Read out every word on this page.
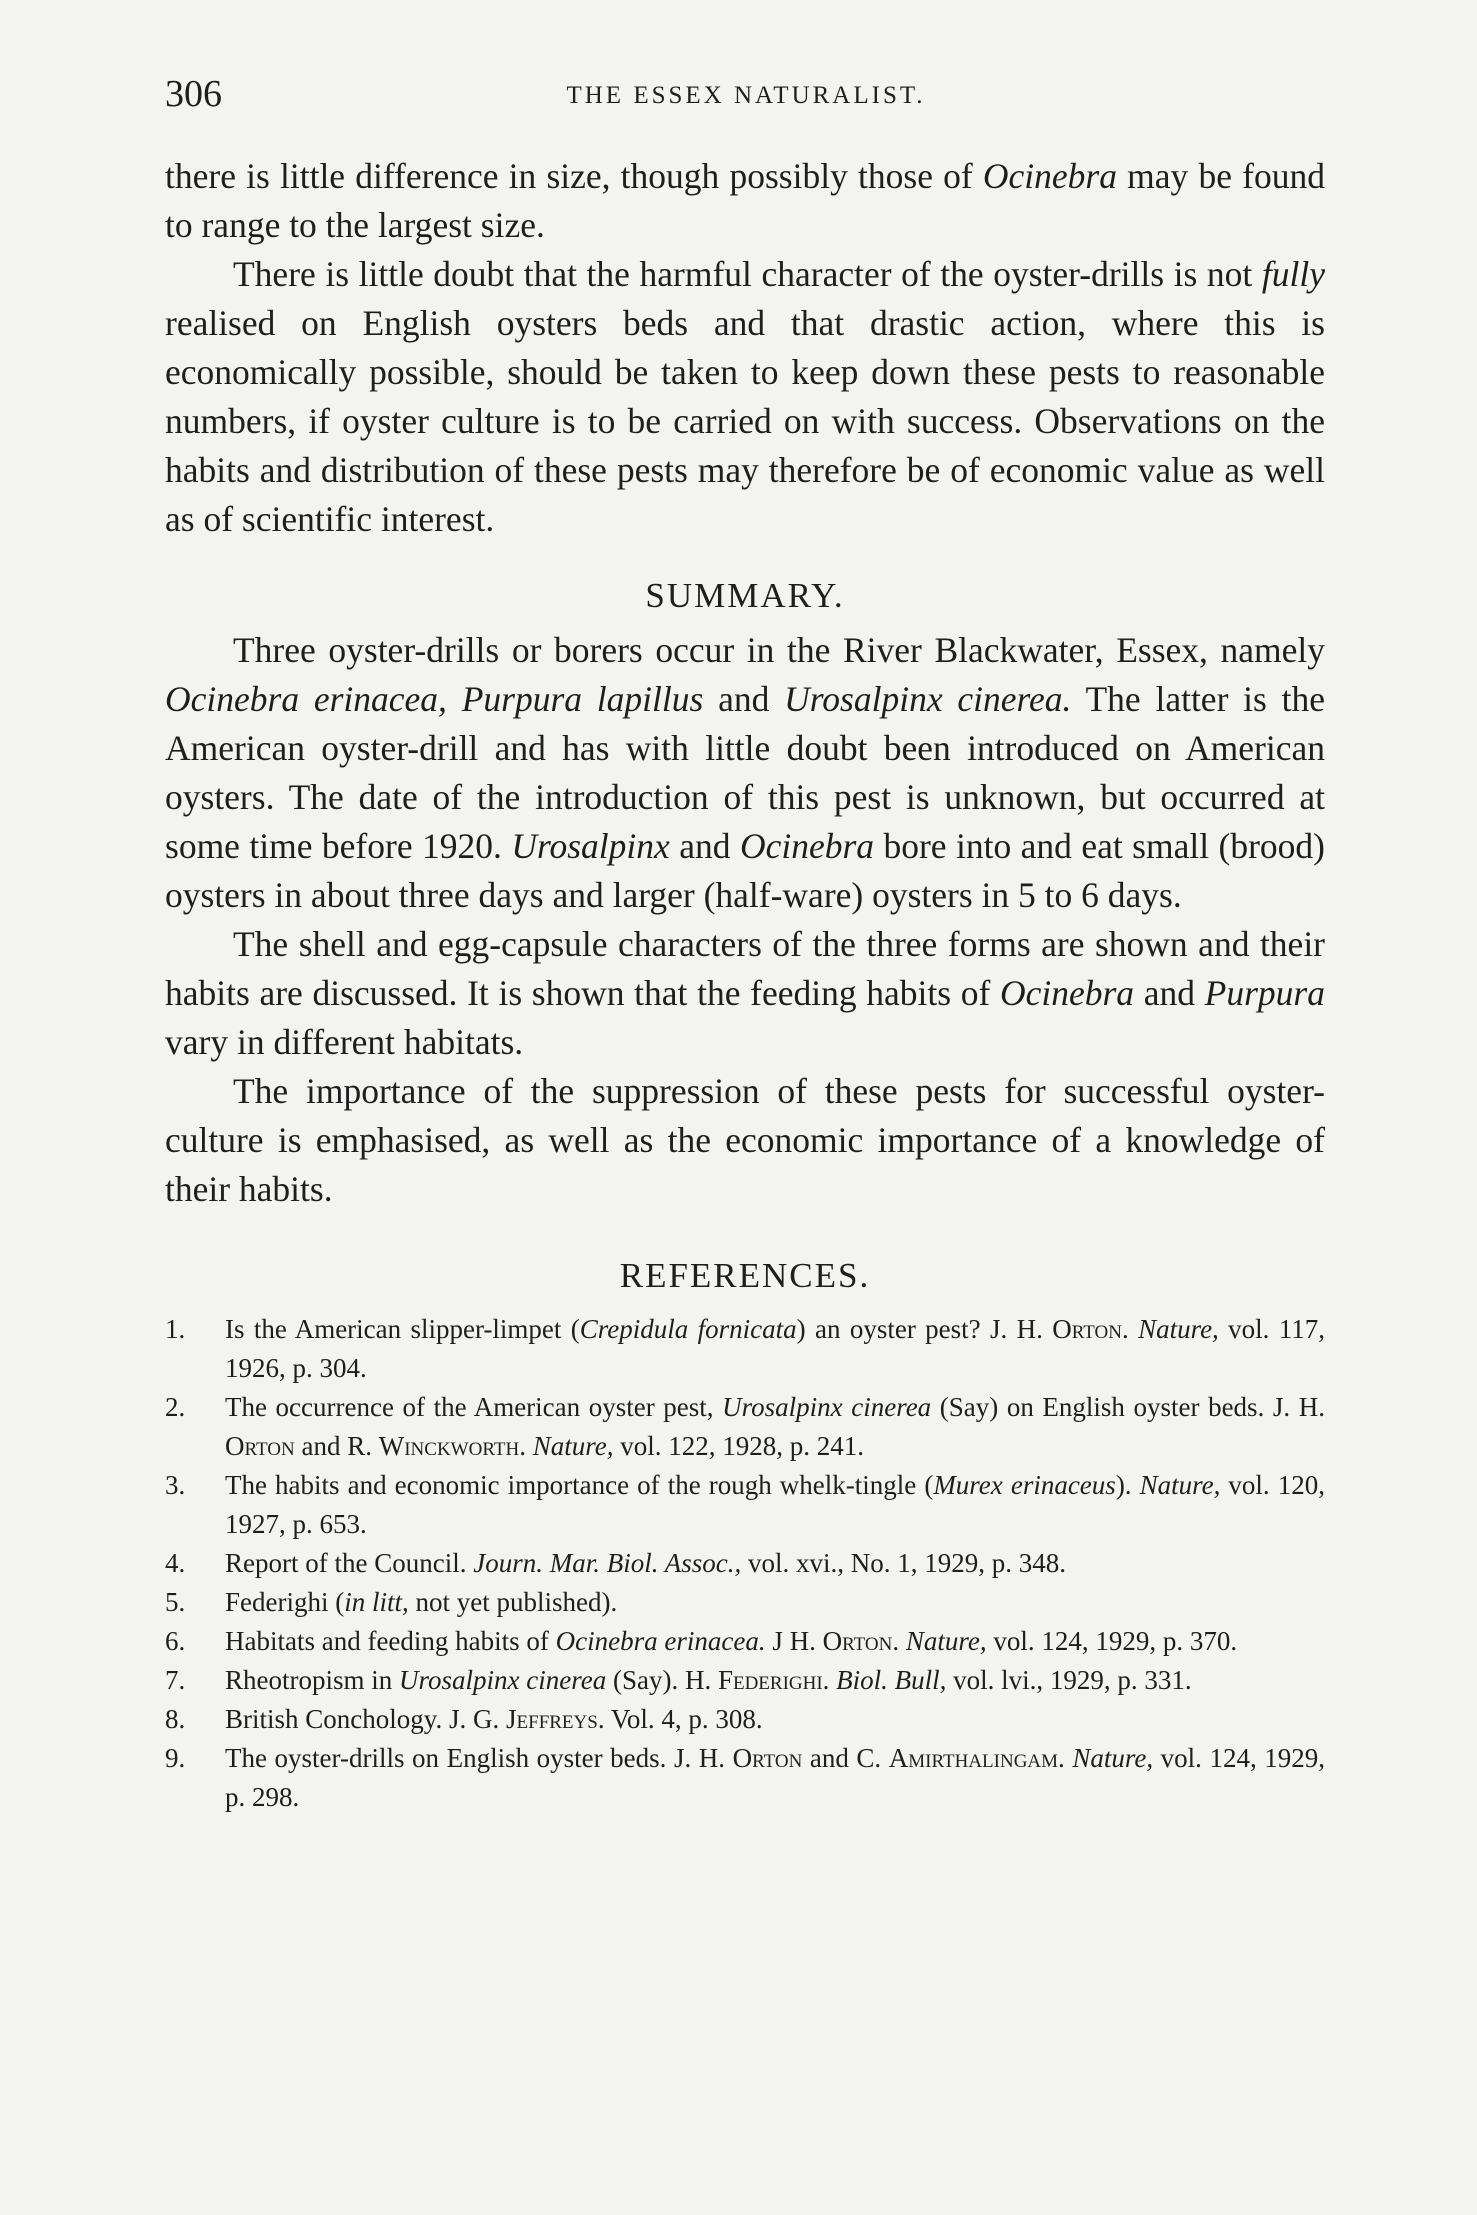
306	THE ESSEX NATURALIST.

there is little difference in size, though possibly those of Ocinebra may be found to range to the largest size.

There is little doubt that the harmful character of the oyster-drills is not fully realised on English oysters beds and that drastic action, where this is economically possible, should be taken to keep down these pests to reasonable numbers, if oyster culture is to be carried on with success. Observations on the habits and distribution of these pests may therefore be of economic value as well as of scientific interest.

SUMMARY.

Three oyster-drills or borers occur in the River Blackwater, Essex, namely Ocinebra erinacea, Purpura lapillus and Urosalpinx cinerea. The latter is the American oyster-drill and has with little doubt been introduced on American oysters. The date of the introduction of this pest is unknown, but occurred at some time before 1920. Urosalpinx and Ocinebra bore into and eat small (brood) oysters in about three days and larger (half-ware) oysters in 5 to 6 days.

The shell and egg-capsule characters of the three forms are shown and their habits are discussed. It is shown that the feeding habits of Ocinebra and Purpura vary in different habitats.

The importance of the suppression of these pests for successful oyster-culture is emphasised, as well as the economic importance of a knowledge of their habits.

REFERENCES.
1. Is the American slipper-limpet (Crepidula fornicata) an oyster pest? J. H. Orton. Nature, vol. 117, 1926, p. 304.
2. The occurrence of the American oyster pest, Urosalpinx cinerea (Say) on English oyster beds. J. H. Orton and R. Winckworth. Nature, vol. 122, 1928, p. 241.
3. The habits and economic importance of the rough whelk-tingle (Murex erinaceus). Nature, vol. 120, 1927, p. 653.
4. Report of the Council. Journ. Mar. Biol. Assoc., vol. xvi., No. 1, 1929, p. 348.
5. Federighi (in litt, not yet published).
6. Habitats and feeding habits of Ocinebra erinacea. J H. Orton. Nature, vol. 124, 1929, p. 370.
7. Rheotropism in Urosalpinx cinerea (Say). H. Federighi. Biol. Bull, vol. lvi., 1929, p. 331.
8. British Conchology. J. G. Jeffreys. Vol. 4, p. 308.
9. The oyster-drills on English oyster beds. J. H. Orton and C. Amirthalingam. Nature, vol. 124, 1929, p. 298.
